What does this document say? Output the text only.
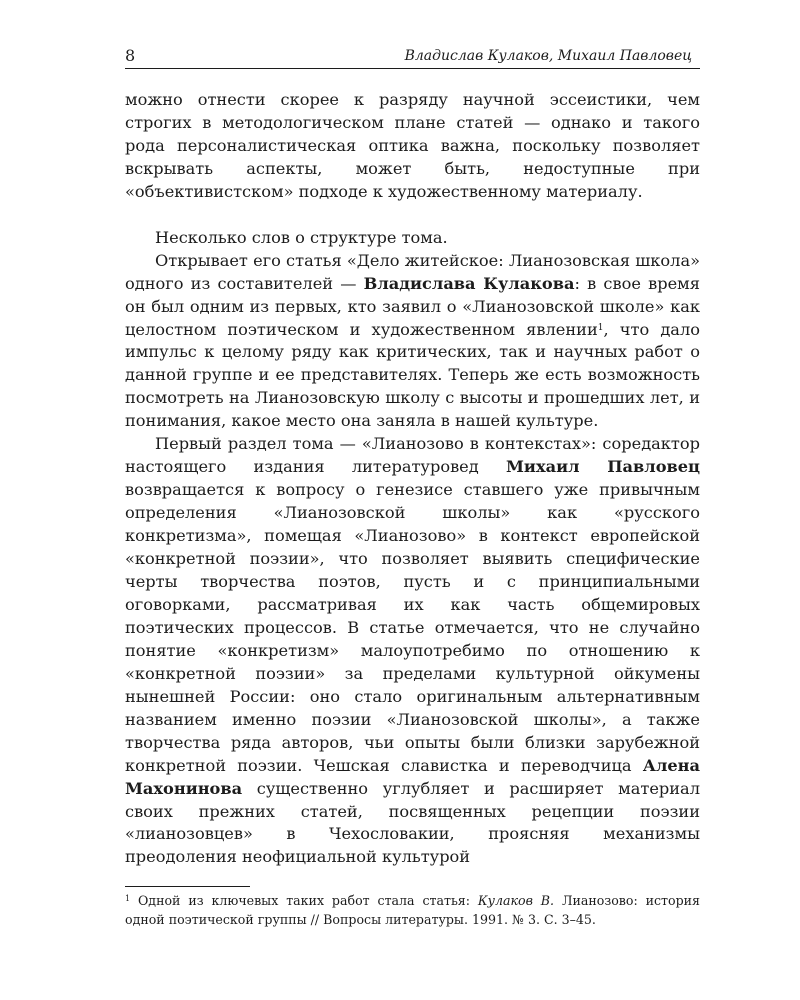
8	Владислав Кулаков, Михаил Павловец

можно отнести скорее к разряду научной эссеистики, чем строгих в методологическом плане статей — однако и такого рода персоналистическая оптика важна, поскольку позволяет вскрывать аспекты, может быть, недоступные при «объективистском» подходе к художественному материалу.

Несколько слов о структуре тома.

Открывает его статья «Дело житейское: Лианозовская школа» одного из составителей — Владислава Кулакова: в свое время он был одним из первых, кто заявил о «Лианозовской школе» как целостном поэтическом и художественном явлении$^1$, что дало импульс к целому ряду как критических, так и научных работ о данной группе и ее представителях. Теперь же есть возможность посмотреть на Лианозовскую школу с высоты и прошедших лет, и понимания, какое место она заняла в нашей культуре.

Первый раздел тома — «Лианозово в контекстах»: соредактор настоящего издания литературовед Михаил Павловец возвращается к вопросу о генезисе ставшего уже привычным определения «Лианозовской школы» как «русского конкретизма», помещая «Лианозово» в контекст европейской «конкретной поэзии», что позволяет выявить специфические черты творчества поэтов, пусть и с принципиальными оговорками, рассматривая их как часть общемировых поэтических процессов. В статье отмечается, что не случайно понятие «конкретизм» малоупотребимо по отношению к «конкретной поэзии» за пределами культурной ойкумены нынешней России: оно стало оригинальным альтернативным названием именно поэзии «Лианозовской школы», а также творчества ряда авторов, чьи опыты были близки зарубежной конкретной поэзии. Чешская славистка и переводчица Алена Махонинова существенно углубляет и расширяет материал своих прежних статей, посвященных рецепции поэзии «лианозовцев» в Чехословакии, проясняя механизмы преодоления неофициальной культурой

$^1$ Одной из ключевых таких работ стала статья: Кулаков В. Лианозово: история одной поэтической группы // Вопросы литературы. 1991. № 3. С. 3–45.
